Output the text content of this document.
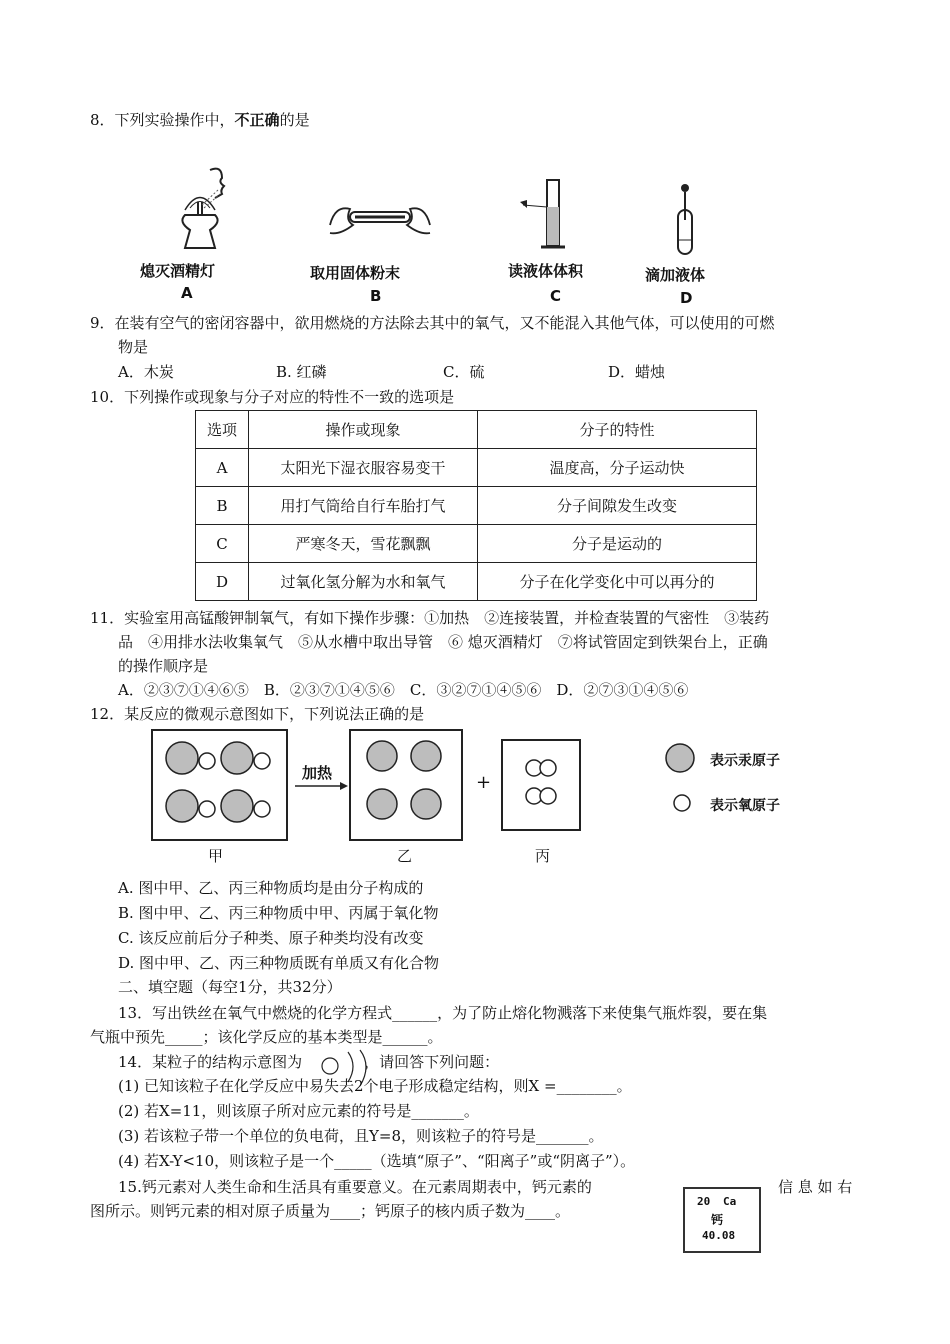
8．下列实验操作中，不正确的是
熄灭酒精灯
A
取用固体粉末
B
读液体体积
C
滴加液体
D
9．在装有空气的密闭容器中，欲用燃烧的方法除去其中的氧气，又不能混入其他气体，可以使用的可燃
物是
A．木炭	B. 红磷	C．硫	D．蜡烛
10．下列操作或现象与分子对应的特性不一致的选项是
选项	操作或现象	分子的特性
A	太阳光下湿衣服容易变干	温度高，分子运动快
B	用打气筒给自行车胎打气	分子间隙发生改变
C	严寒冬天，雪花飘飘	分子是运动的
D	过氧化氢分解为水和氧气	分子在化学变化中可以再分的
11．实验室用高锰酸钾制氧气，有如下操作步骤：①加热　②连接装置，并检查装置的气密性　③装药
品　④用排水法收集氧气　⑤从水槽中取出导管　⑥ 熄灭酒精灯　⑦将试管固定到铁架台上，正确
的操作顺序是
A．②③⑦①④⑥⑤　B．②③⑦①④⑤⑥　C．③②⑦①④⑤⑥　D．②⑦③①④⑤⑥
12．某反应的微观示意图如下，下列说法正确的是
加热	+
表示汞原子
表示氧原子
甲	乙	丙
A. 图中甲、乙、丙三种物质均是由分子构成的
B. 图中甲、乙、丙三种物质中甲、丙属于氧化物
C. 该反应前后分子种类、原子种类均没有改变
D. 图中甲、乙、丙三种物质既有单质又有化合物
二、填空题（每空1分，共32分）
13．写出铁丝在氧气中燃烧的化学方程式______，为了防止熔化物溅落下来使集气瓶炸裂，要在集
气瓶中预先_____；该化学反应的基本类型是______。
14．某粒子的结构示意图为	，请回答下列问题：
(1) 已知该粒子在化学反应中易失去2个电子形成稳定结构，则X =________。
(2) 若X=11，则该原子所对应元素的符号是_______。
(3) 若该粒子带一个单位的负电荷，且Y=8，则该粒子的符号是_______。
(4) 若X-Y<10，则该粒子是一个_____（选填“原子”、“阳离子”或“阴离子”）。
15.钙元素对人类生命和生活具有重要意义。在元素周期表中，钙元素的	信 息 如 右
图所示。则钙元素的相对原子质量为____；钙原子的核内质子数为____。
20 Ca
钙
40.08
